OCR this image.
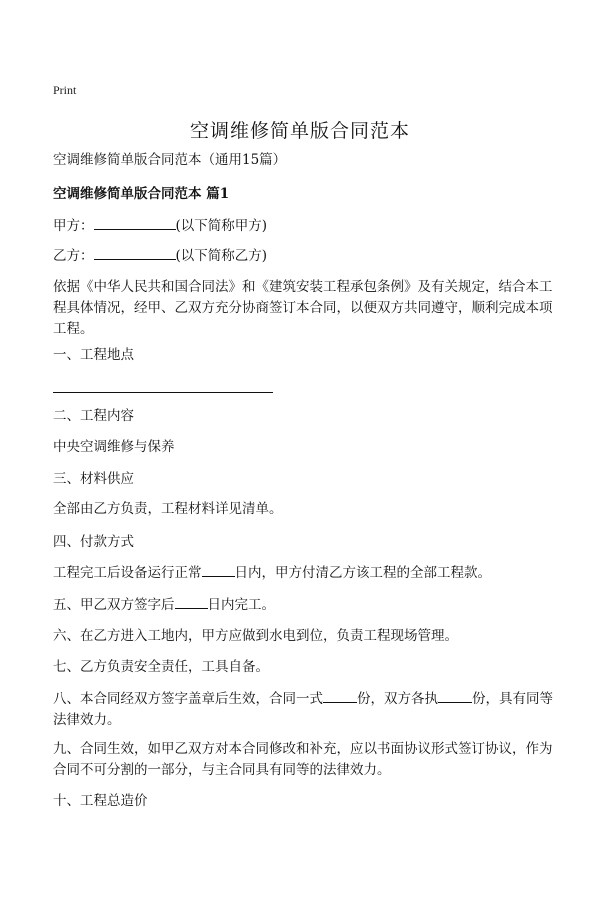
Print
空调维修简单版合同范本
空调维修简单版合同范本（通用15篇）
空调维修简单版合同范本 篇1
甲方：	(以下简称甲方)
乙方：	(以下简称乙方)
依据《中华人民共和国合同法》和《建筑安装工程承包条例》及有关规定，结合本工程具体情况，经甲、乙双方充分协商签订本合同，以便双方共同遵守，顺利完成本项工程。
一、工程地点
二、工程内容
中央空调维修与保养
三、材料供应
全部由乙方负责，工程材料详见清单。
四、付款方式
工程完工后设备运行正常 日内，甲方付清乙方该工程的全部工程款。
五、甲乙双方签字后 日内完工。
六、在乙方进入工地内，甲方应做到水电到位，负责工程现场管理。
七、乙方负责安全责任，工具自备。
八、本合同经双方签字盖章后生效，合同一式	份，双方各执	份，具有同等法律效力。
九、合同生效，如甲乙双方对本合同修改和补充，应以书面协议形式签订协议，作为合同不可分割的一部分，与主合同具有同等的法律效力。
十、工程总造价
